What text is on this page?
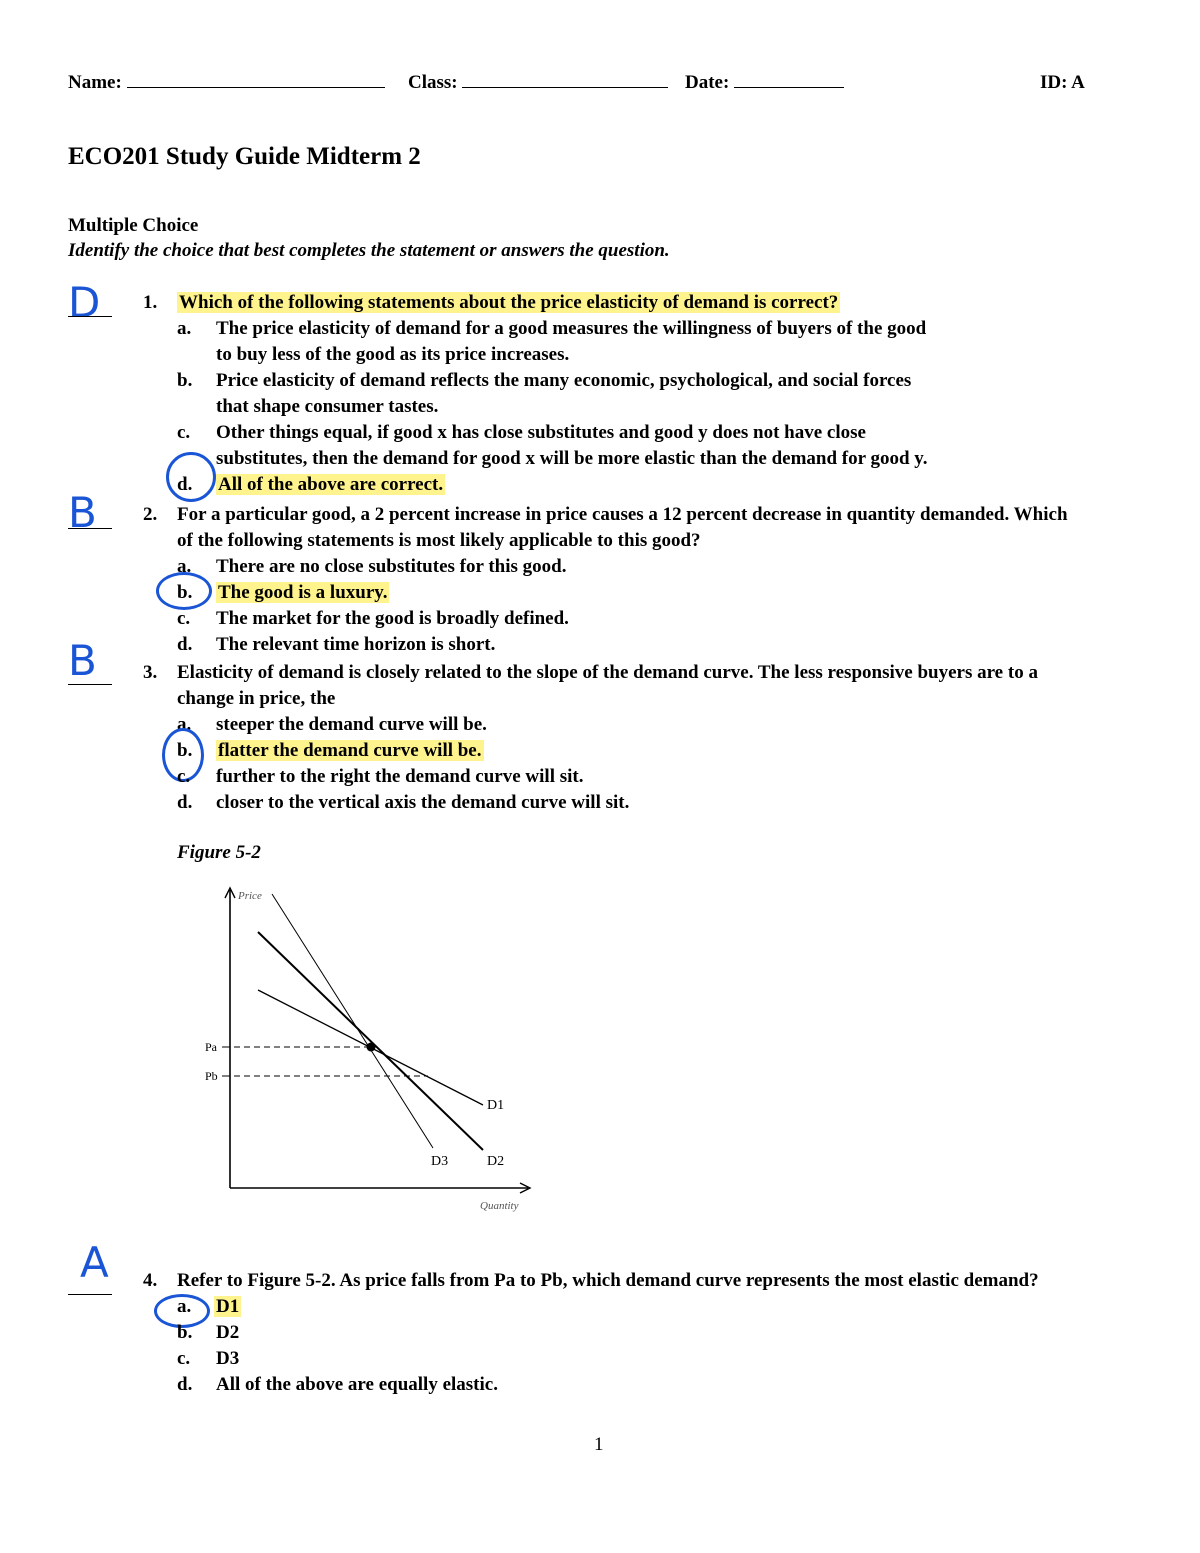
Name:	Class:	Date:	ID: A
ECO201 Study Guide Midterm 2
Multiple Choice
Identify the choice that best completes the statement or answers the question.
D 1. Which of the following statements about the price elasticity of demand is correct?
a. The price elasticity of demand for a good measures the willingness of buyers of the good
to buy less of the good as its price increases.
b. Price elasticity of demand reflects the many economic, psychological, and social forces
that shape consumer tastes.
c. Other things equal, if good x has close substitutes and good y does not have close
substitutes, then the demand for good x will be more elastic than the demand for good y.
d. All of the above are correct.
B 2. For a particular good, a 2 percent increase in price causes a 12 percent decrease in quantity demanded. Which
of the following statements is most likely applicable to this good?
a. There are no close substitutes for this good.
b. The good is a luxury.
c. The market for the good is broadly defined.
d. The relevant time horizon is short.
B 3. Elasticity of demand is closely related to the slope of the demand curve. The less responsive buyers are to a
change in price, the
a. steeper the demand curve will be.
b. flatter the demand curve will be.
c. further to the right the demand curve will sit.
d. closer to the vertical axis the demand curve will sit.
Figure 5-2
Price
Quantity
Pa
Pb
D1
D2
D3
A 4. Refer to Figure 5-2. As price falls from Pa to Pb, which demand curve represents the most elastic demand?
a. D1
b. D2
c. D3
d. All of the above are equally elastic.
1
